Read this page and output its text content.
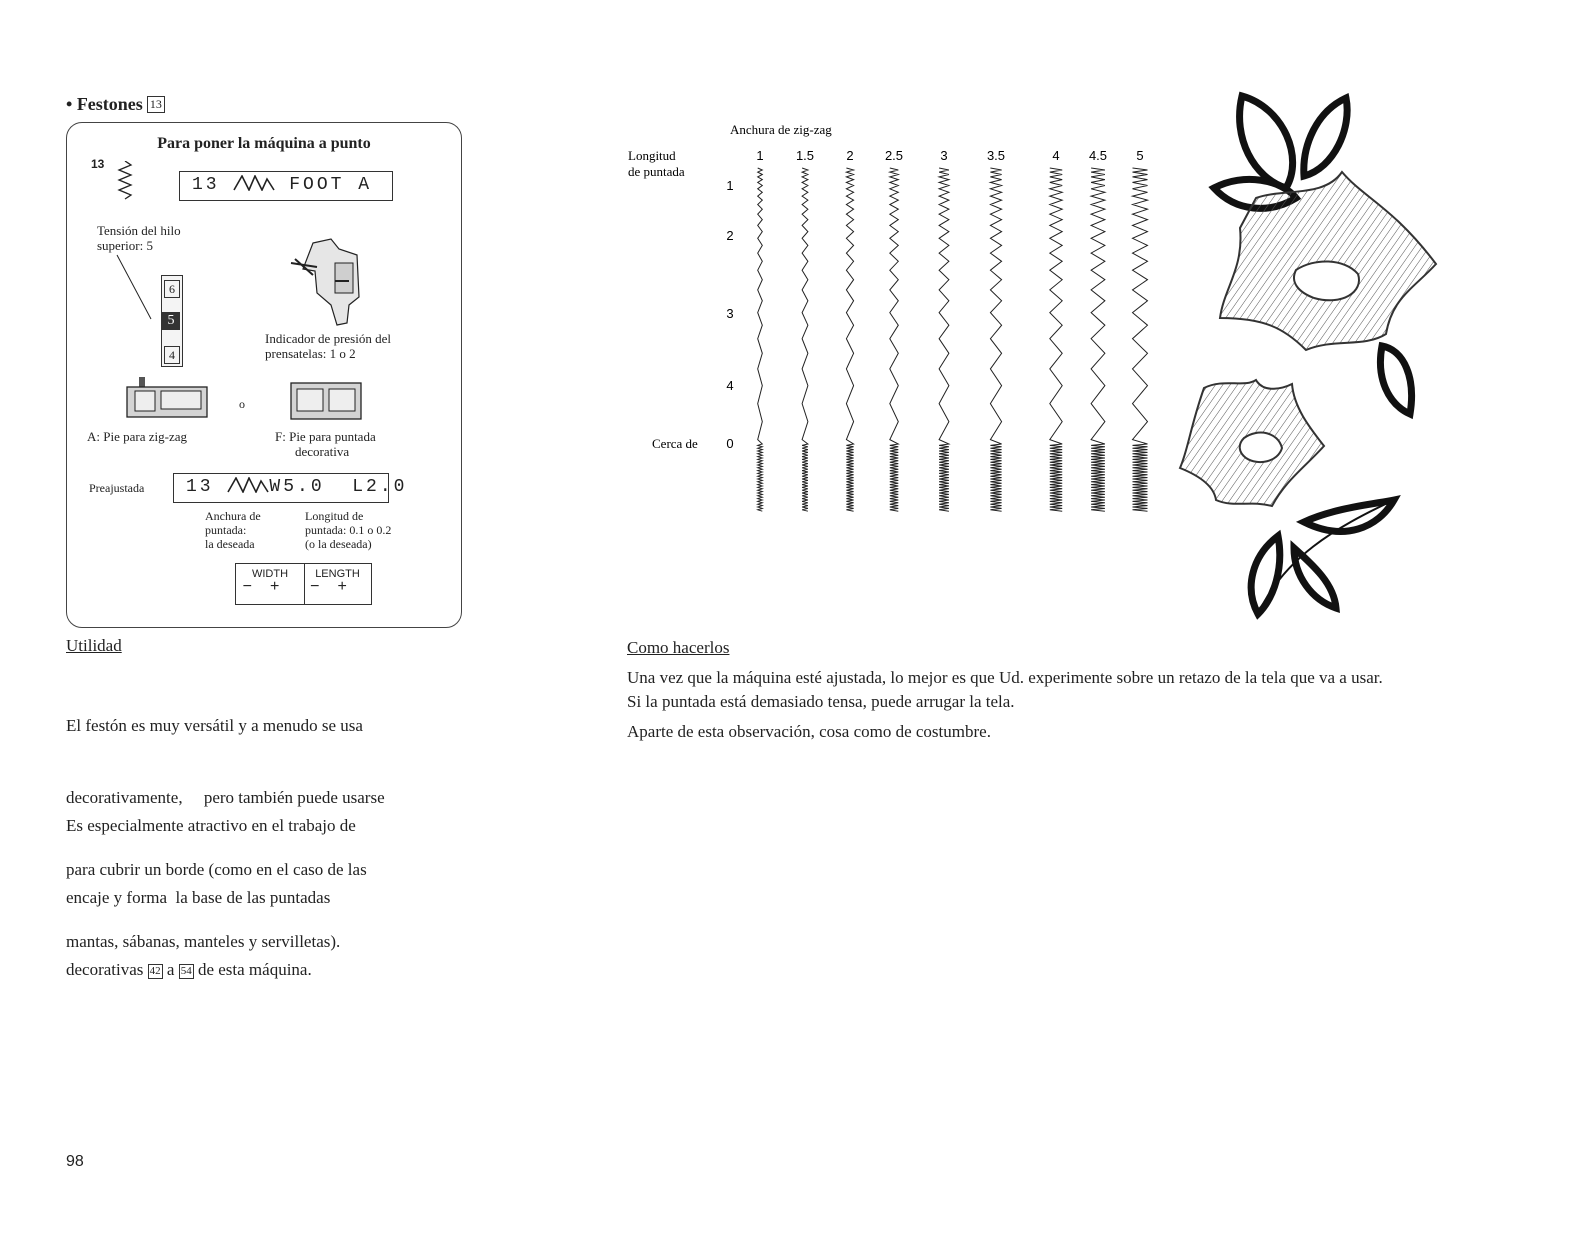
• Festones 13
Para poner la máquina a punto
13
13	FOOT A
Tensión del hilo
superior: 5
6
5
4
Indicador de presión del
prensatelas: 1 o 2
o
A: Pie para zig-zag	F: Pie para puntada
decorativa
Preajustada	13	W5.0  L2.0
Anchura de
puntada:
la deseada
Longitud de
puntada: 0.1 o 0.2
(o la deseada)
WIDTH
−+
LENGTH
−+
Utilidad

El festón es muy versátil y a menudo se usa

decorativamente,     pero también puede usarse

para cubrir un borde (como en el caso de las

mantas, sábanas, manteles y servilletas).

Es especialmente atractivo en el trabajo de

encaje y forma  la base de las puntadas

decorativas 42 a 54 de esta máquina.

Anchura de zig-zag
Longitud
de puntada
1 1.5 2 2.5	3	3.5	4 4.5 5
1
2
3
4
0
Cerca de
Como hacerlos
Una vez que la máquina esté ajustada, lo mejor es que Ud. experimente sobre un retazo de la tela que va a usar.
Si la puntada está demasiado tensa, puede arrugar la tela.
Aparte de esta observación, cosa como de costumbre.
98
